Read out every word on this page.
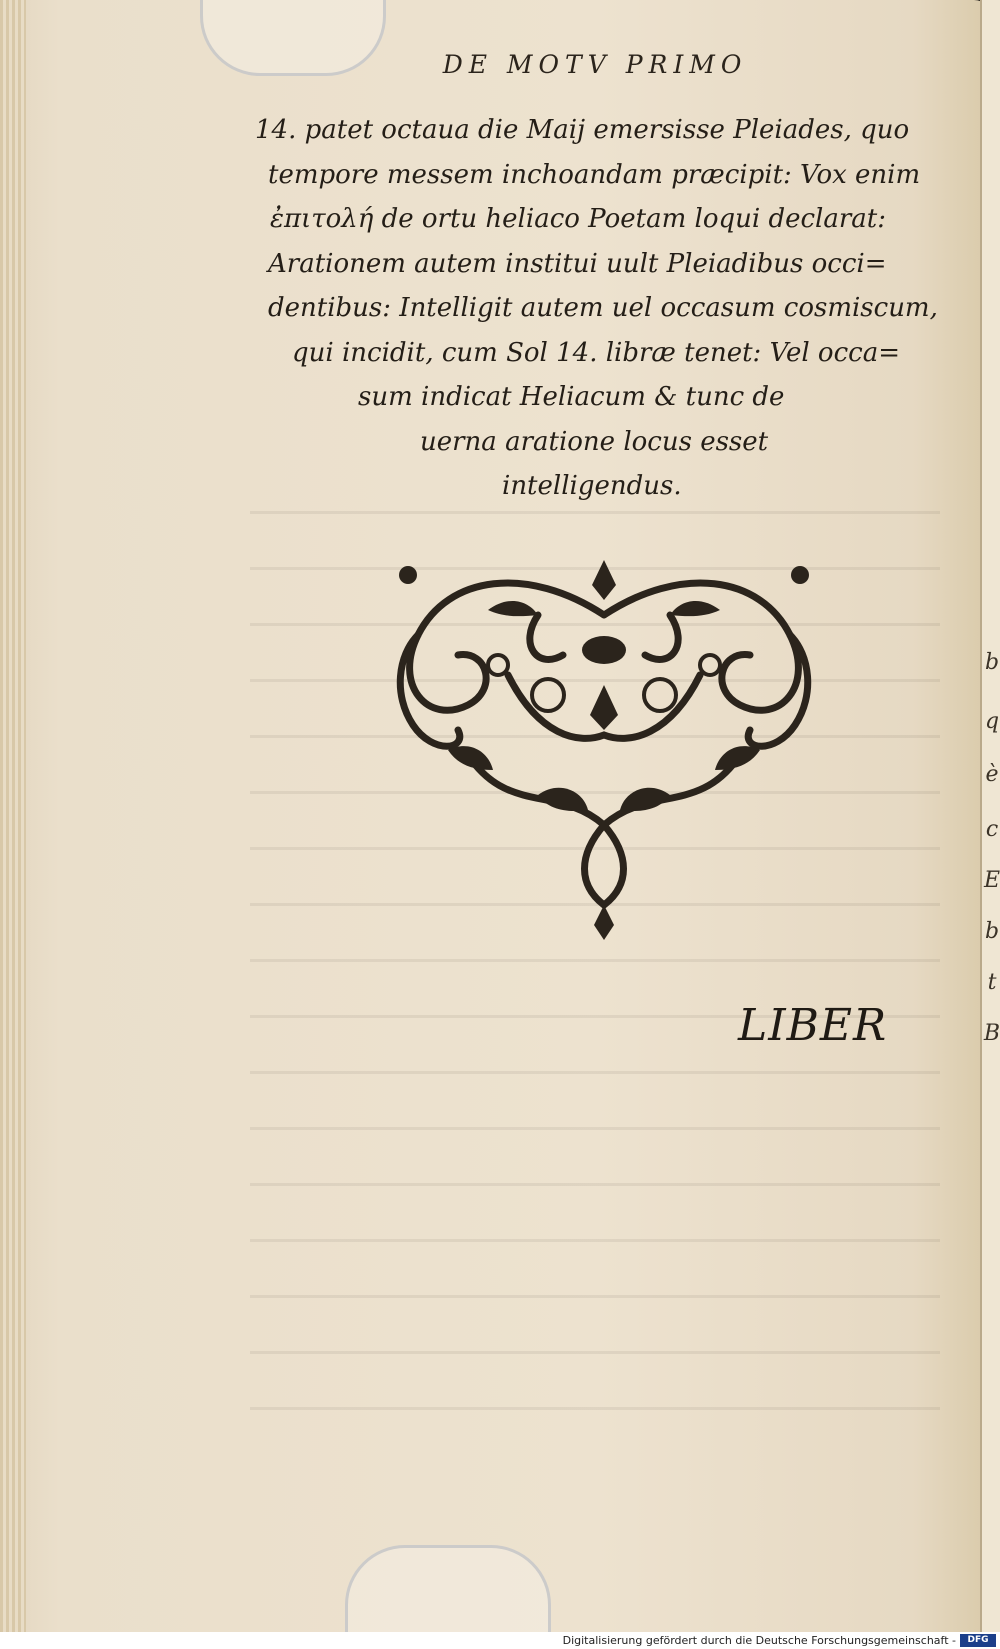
b
q
è
c
E
b
t
B
DE MOTV PRIMO
14. patet octaua die Maij emersisse Pleiades, quo
tempore messem inchoandam præcipit: Vox enim
ἐπιτολή de ortu heliaco Poetam loqui declarat:
Arationem autem institui uult Pleiadibus occi=
dentibus: Intelligit autem uel occasum cosmiscum,
qui incidit, cum Sol 14. libræ tenet: Vel occa=
sum indicat Heliacum & tunc de
uerna aratione locus esset
intelligendus.
LIBER
Digitalisierung gefördert durch die Deutsche Forschungsgemeinschaft -	DFG
